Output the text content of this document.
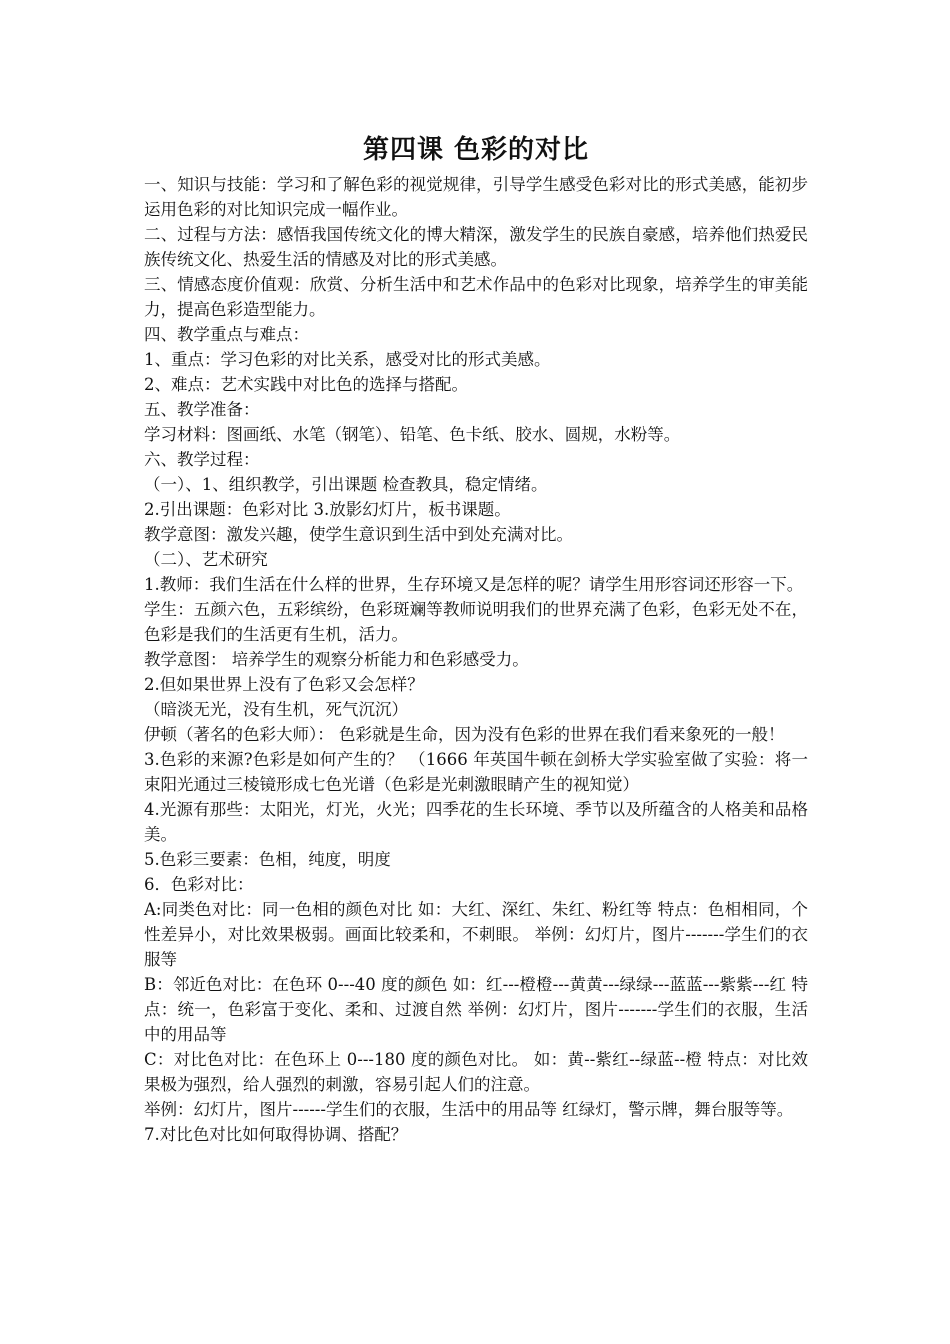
第四课 色彩的对比

一、知识与技能：学习和了解色彩的视觉规律，引导学生感受色彩对比的形式美感，能初步运用色彩的对比知识完成一幅作业。

二、过程与方法：感悟我国传统文化的博大精深，激发学生的民族自豪感，培养他们热爱民族传统文化、热爱生活的情感及对比的形式美感。

三、情感态度价值观：欣赏、分析生活中和艺术作品中的色彩对比现象，培养学生的审美能力，提高色彩造型能力。

四、教学重点与难点：

1、重点：学习色彩的对比关系，感受对比的形式美感。

2、难点：艺术实践中对比色的选择与搭配。

五、教学准备：

学习材料：图画纸、水笔（钢笔）、铅笔、色卡纸、胶水、圆规，水粉等。

六、教学过程：

（一）、1、组织教学，引出课题 检查教具，稳定情绪。

2.引出课题：色彩对比 3.放影幻灯片，板书课题。

教学意图：激发兴趣，使学生意识到生活中到处充满对比。

（二）、艺术研究

1.教师：我们生活在什么样的世界，生存环境又是怎样的呢？请学生用形容词还形容一下。

学生：五颜六色，五彩缤纷，色彩斑斓等教师说明我们的世界充满了色彩，色彩无处不在，色彩是我们的生活更有生机，活力。

教学意图： 培养学生的观察分析能力和色彩感受力。

2.但如果世界上没有了色彩又会怎样？

（暗淡无光，没有生机，死气沉沉）

伊顿（著名的色彩大师）： 色彩就是生命，因为没有色彩的世界在我们看来象死的一般！

3.色彩的来源?色彩是如何产生的？ （1666 年英国牛顿在剑桥大学实验室做了实验：将一束阳光通过三棱镜形成七色光谱（色彩是光刺激眼睛产生的视知觉）

4.光源有那些：太阳光，灯光，火光；四季花的生长环境、季节以及所蕴含的人格美和品格美。

5.色彩三要素：色相，纯度，明度

6．色彩对比：

A:同类色对比：同一色相的颜色对比 如：大红、深红、朱红、粉红等 特点：色相相同，个性差异小，对比效果极弱。画面比较柔和，不刺眼。 举例：幻灯片，图片-------学生们的衣服等

B：邻近色对比：在色环 0---40 度的颜色 如：红---橙橙---黄黄---绿绿---蓝蓝---紫紫---红 特点：统一，色彩富于变化、柔和、过渡自然 举例：幻灯片，图片-------学生们的衣服，生活中的用品等

C：对比色对比：在色环上 0---180 度的颜色对比。 如：黄--紫红--绿蓝--橙 特点：对比效果极为强烈，给人强烈的刺激，容易引起人们的注意。

举例：幻灯片，图片------学生们的衣服，生活中的用品等 红绿灯，警示牌，舞台服等等。

7.对比色对比如何取得协调、搭配？
